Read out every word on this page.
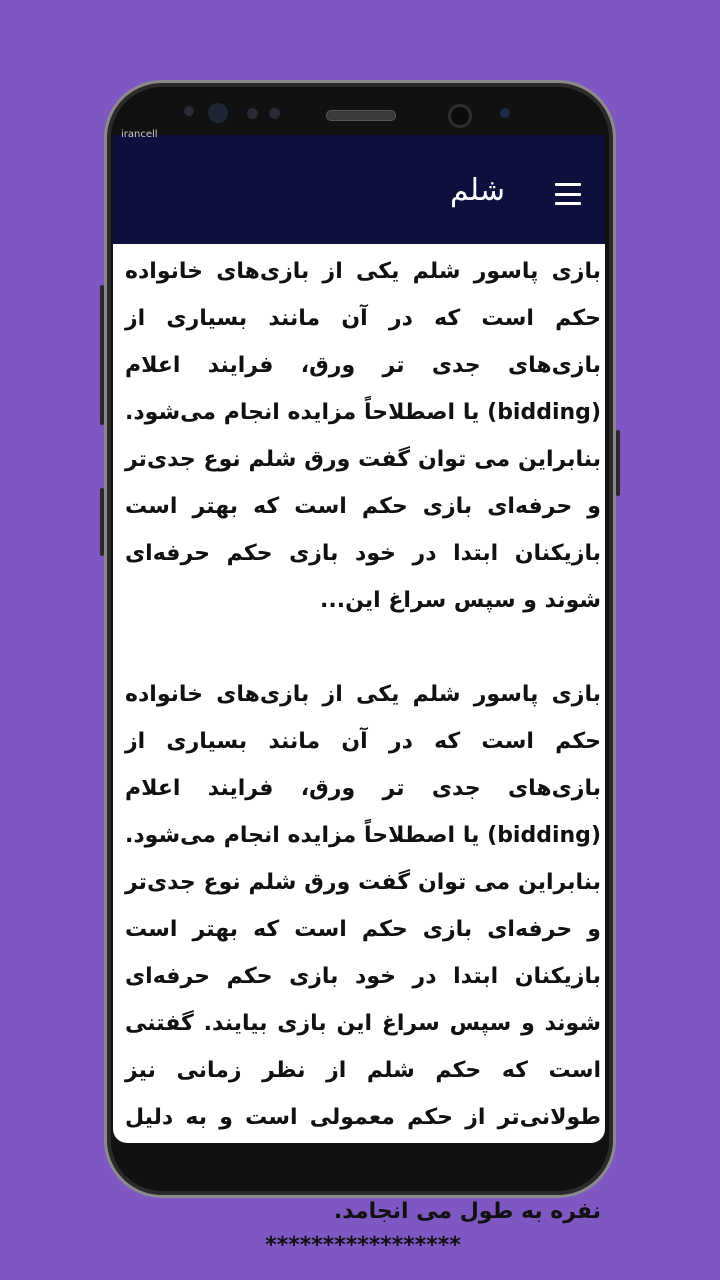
irancell
شلم

بازی پاسور شلم یکی از بازی‌های خانواده حکم است که در آن مانند بسیاری از بازی‌های جدی تر ورق، فرایند اعلام (bidding) یا اصطلاحاً مزایده انجام می‌شود. بنابراین می توان گفت ورق شلم نوع جدی‌تر و حرفه‌ای بازی حکم است که بهتر است بازیکنان ابتدا در خود بازی حکم حرفه‌ای شوند و سپس سراغ این...

بازی پاسور شلم یکی از بازی‌های خانواده حکم است که در آن مانند بسیاری از بازی‌های جدی تر ورق، فرایند اعلام (bidding) یا اصطلاحاً مزایده انجام می‌شود. بنابراین می توان گفت ورق شلم نوع جدی‌تر و حرفه‌ای بازی حکم است که بهتر است بازیکنان ابتدا در خود بازی حکم حرفه‌ای شوند و سپس سراغ این بازی بیایند. گفتنی است که حکم شلم از نظر زمانی نیز طولانی‌تر از حکم معمولی است و به دلیل محاسبات معمولاً دو برابر بازی حکم چهار نفره به طول می انجامد.

*****************
